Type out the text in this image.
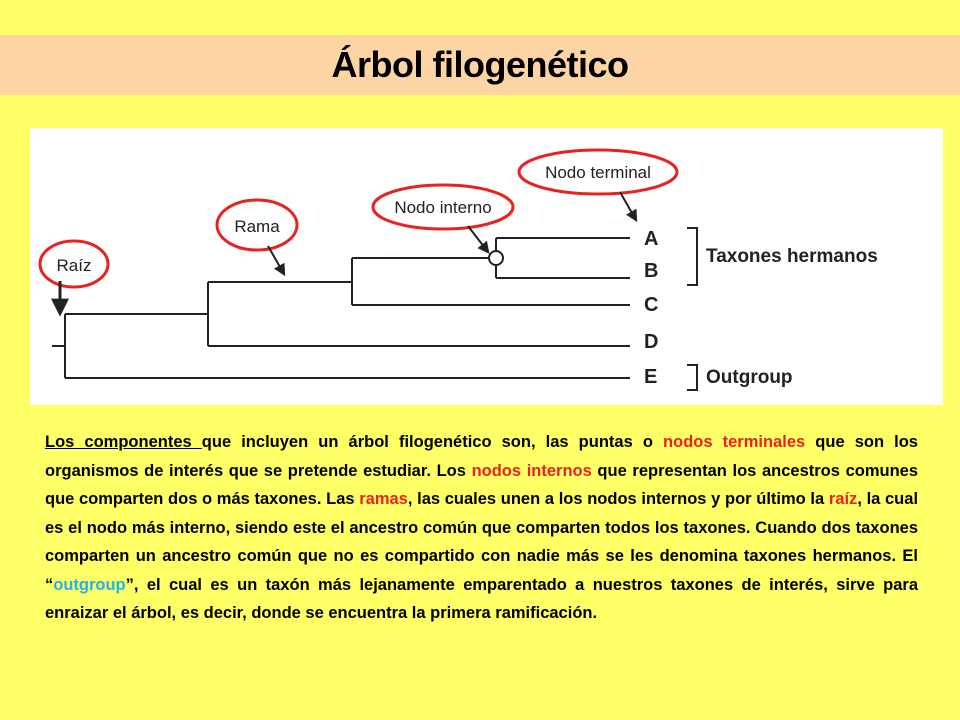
Árbol filogenético
A
B
C
D
E
Taxones hermanos
Outgroup
Raíz
Rama
Nodo interno
Nodo terminal
Los componentes que incluyen un árbol filogenético son, las puntas o nodos terminales que son los organismos de interés que se pretende estudiar. Los nodos internos que representan los ancestros comunes que comparten dos o más taxones. Las ramas, las cuales unen a los nodos internos y por último la raíz, la cual es el nodo más interno, siendo este el ancestro común que comparten todos los taxones. Cuando dos taxones comparten un ancestro común que no es compartido con nadie más se les denomina taxones hermanos. El “outgroup”, el cual es un taxón más lejanamente emparentado a nuestros taxones de interés, sirve para enraizar el árbol, es decir, donde se encuentra la primera ramificación.
